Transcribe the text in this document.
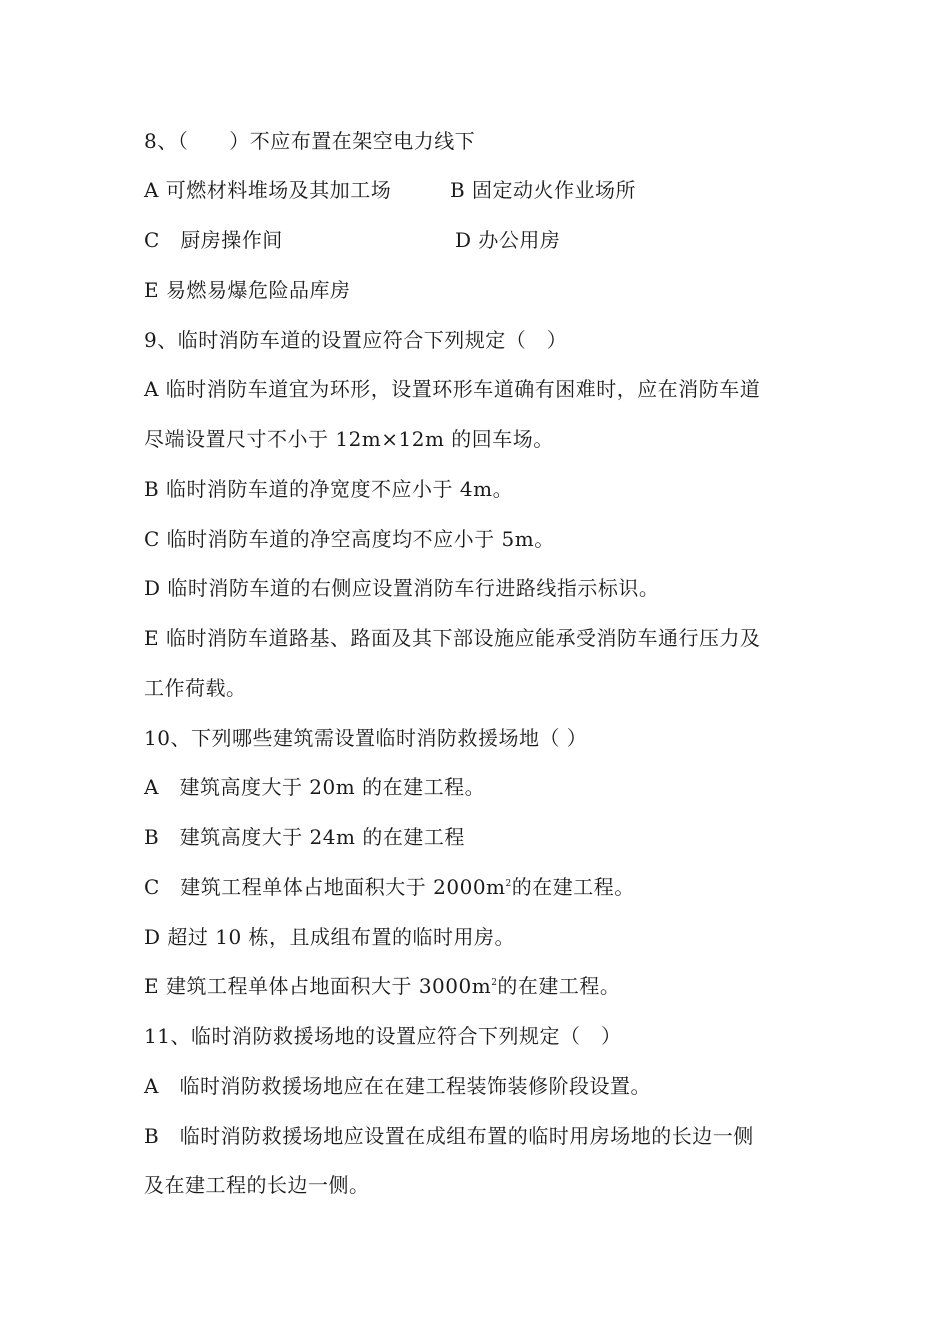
8、（　　）不应布置在架空电力线下
A 可燃材料堆场及其加工场	B 固定动火作业场所
C　厨房操作间	D 办公用房
E 易燃易爆危险品库房
9、临时消防车道的设置应符合下列规定（　）
A 临时消防车道宜为环形，设置环形车道确有困难时，应在消防车道
尽端设置尺寸不小于 12m×12m 的回车场。
B 临时消防车道的净宽度不应小于 4m。
C 临时消防车道的净空高度均不应小于 5m。
D 临时消防车道的右侧应设置消防车行进路线指示标识。
E 临时消防车道路基、路面及其下部设施应能承受消防车通行压力及
工作荷载。
10、下列哪些建筑需设置临时消防救援场地（ ）
A　建筑高度大于 20m 的在建工程。
B　建筑高度大于 24m 的在建工程
C　建筑工程单体占地面积大于 $2000m^2$的在建工程。
D 超过 10 栋，且成组布置的临时用房。
E 建筑工程单体占地面积大于 $3000m^2$的在建工程。
11、临时消防救援场地的设置应符合下列规定（　）
A　临时消防救援场地应在在建工程装饰装修阶段设置。
B　临时消防救援场地应设置在成组布置的临时用房场地的长边一侧
及在建工程的长边一侧。
